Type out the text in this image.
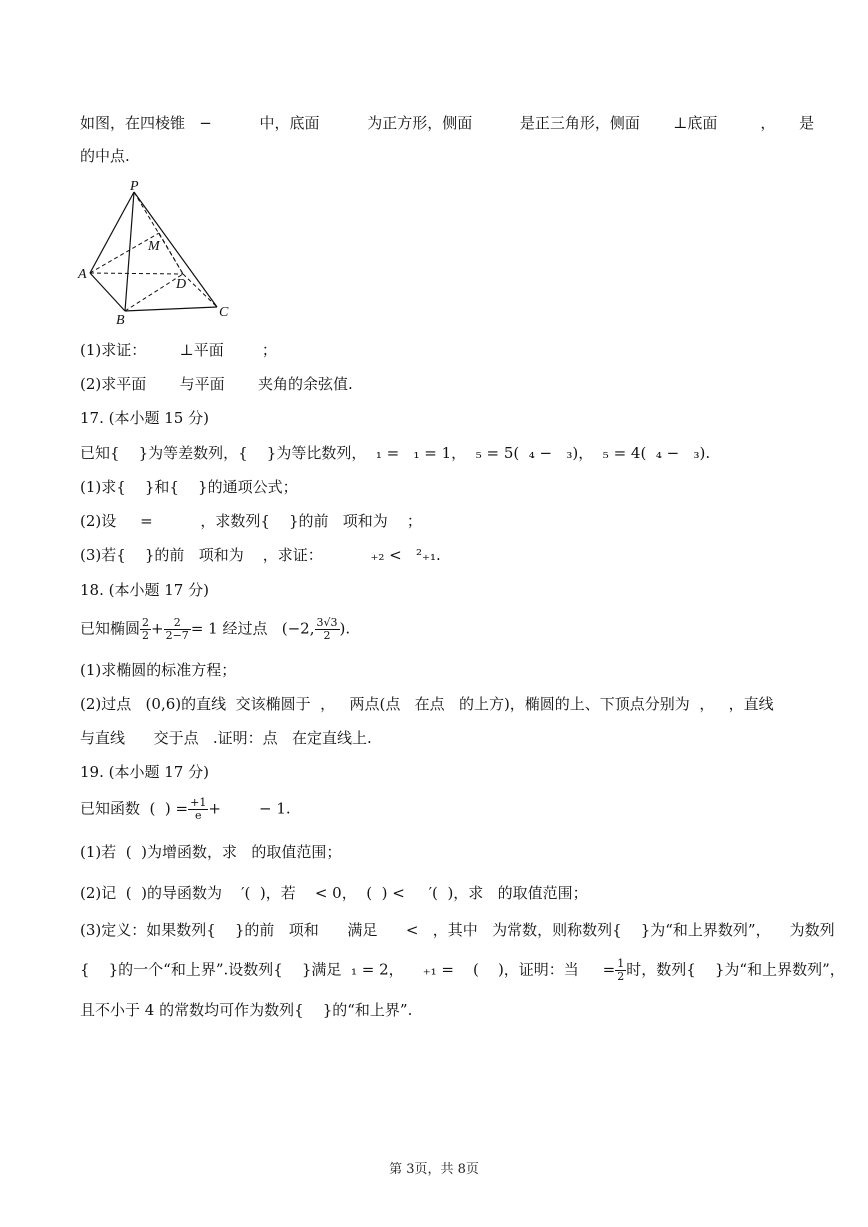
如图，在四棱锥   −          中，底面          为正方形，侧面          是正三角形，侧面       ⊥底面         ，     是
的中点.
P
M
A
D
B
C
(1)求证：       ⊥平面        ；
(2)求平面       与平面       夹角的余弦值.
17. (本小题 15 分)
已知{    }为等差数列，{    }为等比数列，  ₁ =   ₁ = 1，  ₅ = 5(  ₄ −   ₃)，  ₅ = 4(  ₄ −   ₃).
(1)求{    }和{    }的通项公式；
(2)设     =          ，求数列{    }的前   项和为    ；
(3)若{    }的前   项和为    ，求证：          ₊₂ <   ²₊₁.
18. (本小题 17 分)
已知椭圆 $\frac{2}{2} + \frac{2}{2-7} = 1$ 经过点   (−2, $\frac{3√3}{2}$ ).
(1)求椭圆的标准方程；
(2)过点   (0,6)的直线  交该椭圆于  ，   两点(点   在点   的上方)，椭圆的上、下顶点分别为  ，   ，直线
与直线      交于点   .证明：点   在定直线上.
19. (本小题 17 分)
已知函数  (  ) = $\frac{+1}{e}$ +        − 1.
(1)若  (  )为增函数，求   的取值范围；
(2)记  (  )的导函数为    ′(  )，若    < 0，  (  ) <     ′(  )，求   的取值范围；
(3)定义：如果数列{    }的前   项和      满足      <   ，其中   为常数，则称数列{    }为“和上界数列”，    为数列
{    }的一个“和上界”.设数列{    }满足  ₁ = 2，    ₊₁ =    (    )，证明：当     = $\frac{1}{2}$ 时，数列{    }为“和上界数列”，
且不小于 4 的常数均可作为数列{    }的“和上界”.
第 3页，共 8页
